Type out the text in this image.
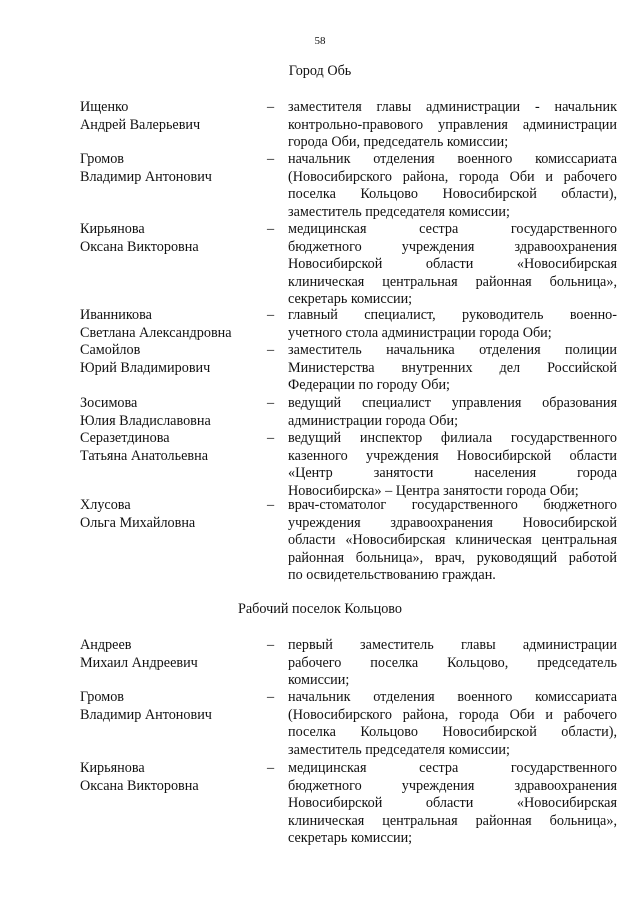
58
Город Обь
Ищенко
Андрей Валерьевич
– заместителя главы администрации - начальник
контрольно-правового управления администрации
города Оби, председатель комиссии;
Громов
Владимир Антонович
– начальник отделения военного комиссариата
(Новосибирского района, города Оби и рабочего
поселка Кольцово Новосибирской области),
заместитель председателя комиссии;
Кирьянова
Оксана Викторовна
– медицинская сестра государственного
бюджетного учреждения здравоохранения
Новосибирской области «Новосибирская
клиническая центральная районная больница»,
секретарь комиссии;
Иванникова
Светлана Александровна
– главный специалист, руководитель военно-
учетного стола администрации города Оби;
Самойлов
Юрий Владимирович
– заместитель начальника отделения полиции
Министерства внутренних дел Российской
Федерации по городу Оби;
Зосимова
Юлия Владиславовна
– ведущий специалист управления образования
администрации города Оби;
Серазетдинова
Татьяна Анатольевна
– ведущий инспектор филиала государственного
казенного учреждения Новосибирской области
«Центр занятости населения города
Новосибирска» – Центра занятости города Оби;
Хлусова
Ольга Михайловна
– врач-стоматолог государственного бюджетного
учреждения здравоохранения Новосибирской
области «Новосибирская клиническая центральная
районная больница», врач, руководящий работой
по освидетельствованию граждан.
Рабочий поселок Кольцово
Андреев
Михаил Андреевич
– первый заместитель главы администрации
рабочего поселка Кольцово, председатель
комиссии;
Громов
Владимир Антонович
– начальник отделения военного комиссариата
(Новосибирского района, города Оби и рабочего
поселка Кольцово Новосибирской области),
заместитель председателя комиссии;
Кирьянова
Оксана Викторовна
– медицинская сестра государственного
бюджетного учреждения здравоохранения
Новосибирской области «Новосибирская
клиническая центральная районная больница»,
секретарь комиссии;
